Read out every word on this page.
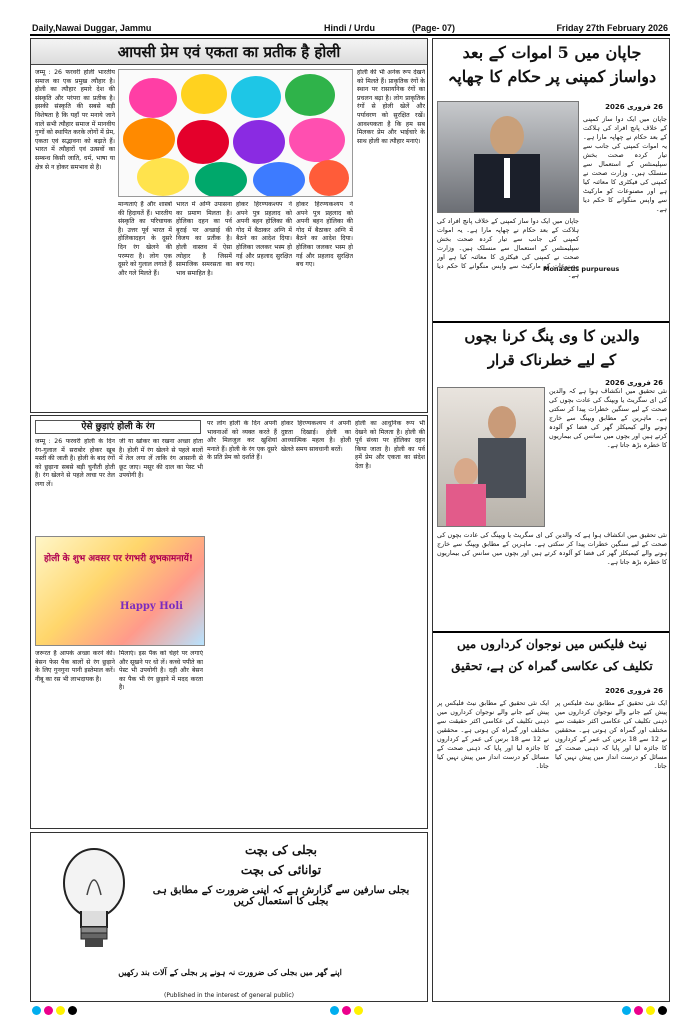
Daily,Nawai Duggar, Jammu	Hindi / Urdu	(Page- 07)	Friday 27th February 2026
आपसी प्रेम एवं एकता का प्रतीक है होली
जम्मू : 26 फरवरी होली भारतीय समाज का एक प्रमुख त्यौहार है। होली का त्यौहार हमारे देश की संस्कृति और परंपरा का प्रतीक है। इसकी संस्कृति की सबसे बड़ी विशेषता है कि यहाँ पर मनाये जाने वाले सभी त्यौहार समाज में मानवीय गुणों को स्थापित करके लोगों में प्रेम, एकता एवं सद्भावना को बढ़ाते हैं। भारत में त्यौहारों एवं उत्सवों का सम्बन्ध किसी जाति, धर्म, भाषा या क्षेत्र से न होकर समभाव से है।
मान्यताएं हैं और शास्त्रों की हिदायतें हैं। भारतीय संस्कृति का परिचायक है। उत्तर पूर्व भारत में होलिकादहन के दूसरे दिन रंग खेलने की परम्परा है। लोग एक दूसरे को गुलाल लगाते हैं और गले मिलते हैं।
भारत में अग्नि उपासना का प्रमाण मिलता है। होलिका दहन का पर्व बुराई पर अच्छाई की विजय का प्रतीक है। होली वास्तव में ऐसा त्योहार है जिसमें सामाजिक समरसता का भाव समाहित है।
होकर हिरण्यकश्यप ने अपने पुत्र प्रहलाद को अपनी बहन होलिका की गोद में बैठाकर अग्नि में बैठने का आदेश दिया। होलिका जलकर भस्म हो गई और प्रहलाद सुरक्षित बच गए।
होकर हिरण्यकश्यप ने अपने पुत्र प्रहलाद को अपनी बहन होलिका की गोद में बैठाकर अग्नि में बैठने का आदेश दिया। होलिका जलकर भस्म हो गई और प्रहलाद सुरक्षित बच गए।
होली की भी अनेक रूप देखने को मिलते हैं। प्राकृतिक रंगों के स्थान पर रासायनिक रंगों का प्रचलन बढ़ा है। लोग प्राकृतिक रंगों से होली खेलें और पर्यावरण को सुरक्षित रखें। आवश्यकता है कि हम सब मिलकर प्रेम और भाईचारे के साथ होली का त्यौहार मनाएं।
ऐसे छुड़ाएं होली के रंग
जम्मू : 26 फरवरी होली के दिन रंग-गुलाल में सराबोर होकर खूब मस्ती की जाती है। होली के बाद रंगों को छुड़ाना सबसे बड़ी चुनौती होती है। रंग खेलने से पहले त्वचा पर तेल लगा लें।
जी या खोकर का रखना अच्छा होता है। होली में रंग खेलने से पहले बालों में तेल लगा लें ताकि रंग आसानी से छूट जाए। मसूर की दाल का पेस्ट भी उपयोगी है।
होली के शुभ अवसर पर रंगभरी शुभकामनायें!
Happy Holi
जरूरत है आपके अच्छा करने की। बेसन फेस पैक बालों से रंग छुड़ाने के लिए गुनगुना पानी इस्तेमाल करें। नीबू का रस भी लाभदायक है।
मिलाएं। इस पैक को चेहरे पर लगाएं और सूखने पर धो लें। कच्चे पपीते का पेस्ट भी उपयोगी है। दही और बेसन का पैक भी रंग छुड़ाने में मदद करता है।
पर लोग होली के दिन अपनी भावनाओं को व्यक्त करते हैं और मिलजुल कर खुशियां मनाते हैं। होली के रंग एक दूसरे के प्रति प्रेम को दर्शाते हैं।
होकर हिरण्यकश्यप ने अपनी दुष्टता दिखाई। होली का आध्यात्मिक महत्व है। होली खेलते समय सावधानी बरतें।
होली का आधुनिक रूप भी देखने को मिलता है। होली की पूर्व संध्या पर होलिका दहन किया जाता है। होली का पर्व हमें प्रेम और एकता का संदेश देता है।
بجلی کی بچت
توانائی کی بچت
بجلی سارفین سے گزارش ہے کہ اپنی ضرورت کے مطابق ہی بجلی کا استعمال کریں
اپنے گھر میں بجلی کی ضرورت نہ ہونے پر بجلی کے آلات بند رکھیں
(Published in the interest of general public)
جاپان میں 5 اموات کے بعد
دواساز کمپنی پر حکام کا چھاپہ
26 فروری 2026
جاپان میں ایک دوا ساز کمپنی کے خلاف پانچ افراد کی ہلاکت کے بعد حکام نے چھاپہ مارا ہے۔ یہ اموات کمپنی کی جانب سے تیار کردہ صحت بخش سپلیمنٹس کے استعمال سے منسلک ہیں۔ وزارت صحت نے کمپنی کی فیکٹری کا معائنہ کیا ہے اور مصنوعات کو مارکیٹ سے واپس منگوانے کا حکم دیا ہے۔
جاپان میں ایک دوا ساز کمپنی کے خلاف پانچ افراد کی ہلاکت کے بعد حکام نے چھاپہ مارا ہے۔ یہ اموات کمپنی کی جانب سے تیار کردہ صحت بخش سپلیمنٹس کے استعمال سے منسلک ہیں۔ وزارت صحت نے کمپنی کی فیکٹری کا معائنہ کیا ہے اور مصنوعات کو مارکیٹ سے واپس منگوانے کا حکم دیا ہے۔
Monascus purpureus
والدین کا وی پنگ کرنا بچوں
کے لیے خطرناک قرار
26 فروری 2026
نئی تحقیق میں انکشاف ہوا ہے کہ والدین کی ای سگریٹ یا ویپنگ کی عادت بچوں کی صحت کے لیے سنگین خطرات پیدا کر سکتی ہے۔ ماہرین کے مطابق ویپنگ سے خارج ہونے والے کیمیکلز گھر کی فضا کو آلودہ کرتے ہیں اور بچوں میں سانس کی بیماریوں کا خطرہ بڑھ جاتا ہے۔
نئی تحقیق میں انکشاف ہوا ہے کہ والدین کی ای سگریٹ یا ویپنگ کی عادت بچوں کی صحت کے لیے سنگین خطرات پیدا کر سکتی ہے۔ ماہرین کے مطابق ویپنگ سے خارج ہونے والے کیمیکلز گھر کی فضا کو آلودہ کرتے ہیں اور بچوں میں سانس کی بیماریوں کا خطرہ بڑھ جاتا ہے۔
نیٹ فلیکس میں نوجوان کرداروں میں
تکلیف کی عکاسی گمراہ کن ہے، تحقیق
26 فروری 2026
ایک نئی تحقیق کے مطابق نیٹ فلیکس پر پیش کیے جانے والے نوجوان کرداروں میں ذہنی تکلیف کی عکاسی اکثر حقیقت سے مختلف اور گمراہ کن ہوتی ہے۔ محققین نے 12 سے 18 برس کی عمر کے کرداروں کا جائزہ لیا اور پایا کہ ذہنی صحت کے مسائل کو درست انداز میں پیش نہیں کیا جاتا۔
ایک نئی تحقیق کے مطابق نیٹ فلیکس پر پیش کیے جانے والے نوجوان کرداروں میں ذہنی تکلیف کی عکاسی اکثر حقیقت سے مختلف اور گمراہ کن ہوتی ہے۔ محققین نے 12 سے 18 برس کی عمر کے کرداروں کا جائزہ لیا اور پایا کہ ذہنی صحت کے مسائل کو درست انداز میں پیش نہیں کیا جاتا۔
